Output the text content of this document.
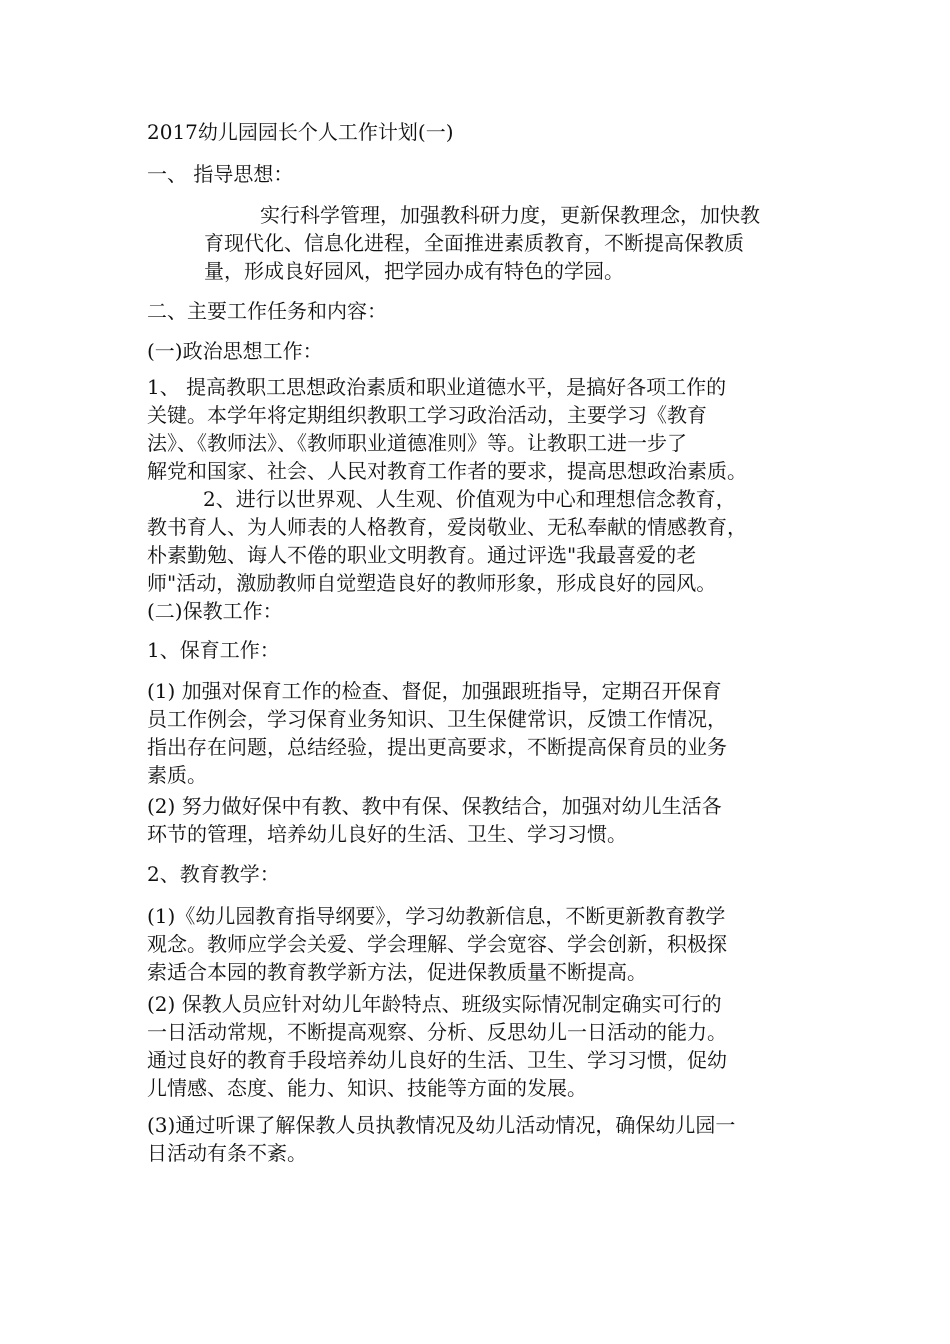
2017幼儿园园长个人工作计划(一)
一、 指导思想：
实行科学管理，加强教科研力度，更新保教理念，加快教
育现代化、信息化进程，全面推进素质教育，不断提高保教质
量，形成良好园风，把学园办成有特色的学园。
二、主要工作任务和内容：
(一)政治思想工作：
1、 提高教职工思想政治素质和职业道德水平，是搞好各项工作的
关键。本学年将定期组织教职工学习政治活动，主要学习《教育
法》、《教师法》、《教师职业道德准则》等。让教职工进一步了
解党和国家、社会、人民对教育工作者的要求，提高思想政治素质。
2、进行以世界观、人生观、价值观为中心和理想信念教育，
教书育人、为人师表的人格教育，爱岗敬业、无私奉献的情感教育，
朴素勤勉、诲人不倦的职业文明教育。通过评选"我最喜爱的老
师"活动，激励教师自觉塑造良好的教师形象，形成良好的园风。
(二)保教工作：
1、保育工作：
(1) 加强对保育工作的检查、督促，加强跟班指导，定期召开保育
员工作例会，学习保育业务知识、卫生保健常识，反馈工作情况，
指出存在问题，总结经验，提出更高要求，不断提高保育员的业务
素质。
(2) 努力做好保中有教、教中有保、保教结合，加强对幼儿生活各
环节的管理，培养幼儿良好的生活、卫生、学习习惯。
2、教育教学：
(1)《幼儿园教育指导纲要》，学习幼教新信息，不断更新教育教学
观念。教师应学会关爱、学会理解、学会宽容、学会创新，积极探
索适合本园的教育教学新方法，促进保教质量不断提高。
(2) 保教人员应针对幼儿年龄特点、班级实际情况制定确实可行的
一日活动常规，不断提高观察、分析、反思幼儿一日活动的能力。
通过良好的教育手段培养幼儿良好的生活、卫生、学习习惯，促幼
儿情感、态度、能力、知识、技能等方面的发展。
(3)通过听课了解保教人员执教情况及幼儿活动情况，确保幼儿园一
日活动有条不紊。
